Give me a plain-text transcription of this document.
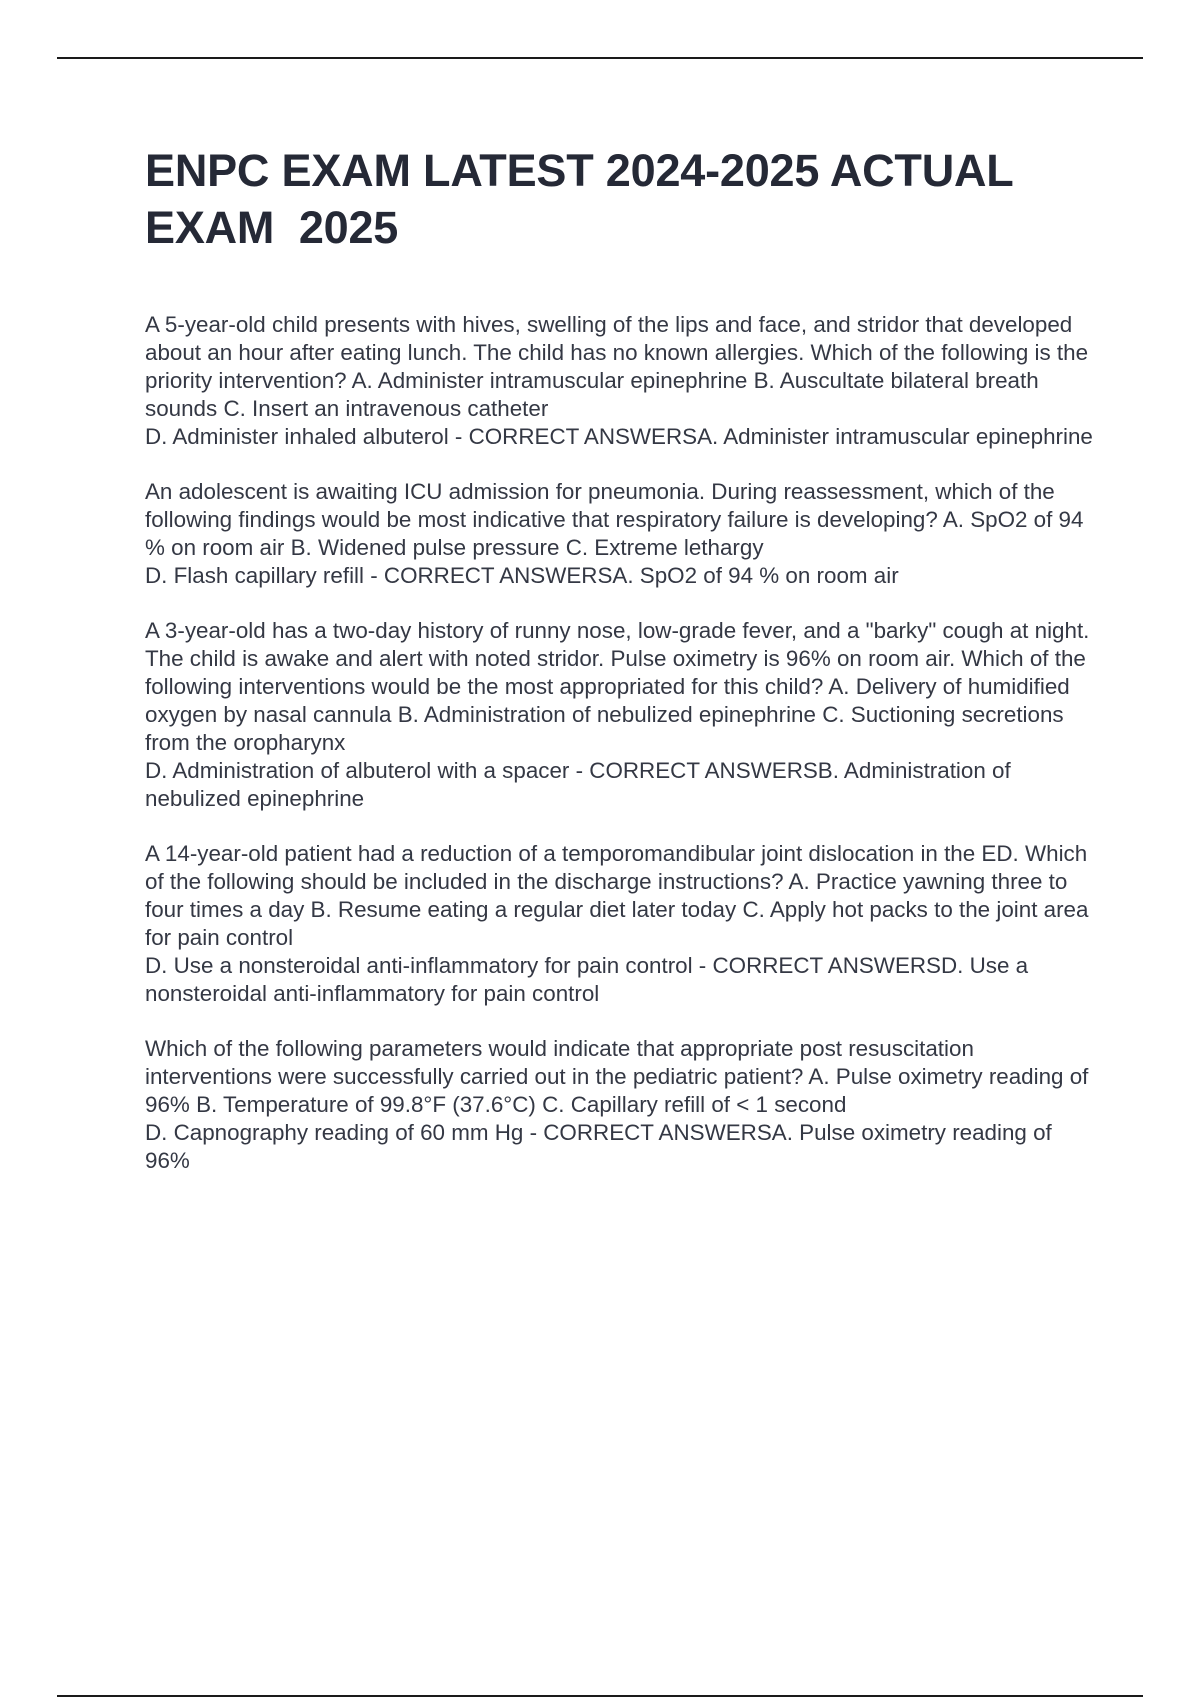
ENPC EXAM LATEST 2024-2025 ACTUAL
EXAM  2025
A 5-year-old child presents with hives, swelling of the lips and face, and stridor that developed about an hour after eating lunch. The child has no known allergies. Which of the following is the priority intervention? A. Administer intramuscular epinephrine B. Auscultate bilateral breath sounds C. Insert an intravenous catheter
D. Administer inhaled albuterol - CORRECT ANSWERSA. Administer intramuscular epinephrine
An adolescent is awaiting ICU admission for pneumonia. During reassessment, which of the following findings would be most indicative that respiratory failure is developing? A. SpO2 of 94 % on room air B. Widened pulse pressure C. Extreme lethargy
D. Flash capillary refill - CORRECT ANSWERSA. SpO2 of 94 % on room air
A 3-year-old has a two-day history of runny nose, low-grade fever, and a "barky" cough at night. The child is awake and alert with noted stridor. Pulse oximetry is 96% on room air. Which of the following interventions would be the most appropriated for this child? A. Delivery of humidified oxygen by nasal cannula B. Administration of nebulized epinephrine C. Suctioning secretions from the oropharynx
D. Administration of albuterol with a spacer - CORRECT ANSWERSB. Administration of nebulized epinephrine
A 14-year-old patient had a reduction of a temporomandibular joint dislocation in the ED. Which of the following should be included in the discharge instructions? A. Practice yawning three to four times a day B. Resume eating a regular diet later today C. Apply hot packs to the joint area for pain control
D. Use a nonsteroidal anti-inflammatory for pain control - CORRECT ANSWERSD. Use a nonsteroidal anti-inflammatory for pain control
Which of the following parameters would indicate that appropriate post resuscitation interventions were successfully carried out in the pediatric patient? A. Pulse oximetry reading of 96% B. Temperature of 99.8°F (37.6°C) C. Capillary refill of < 1 second
D. Capnography reading of 60 mm Hg - CORRECT ANSWERSA. Pulse oximetry reading of 96%
